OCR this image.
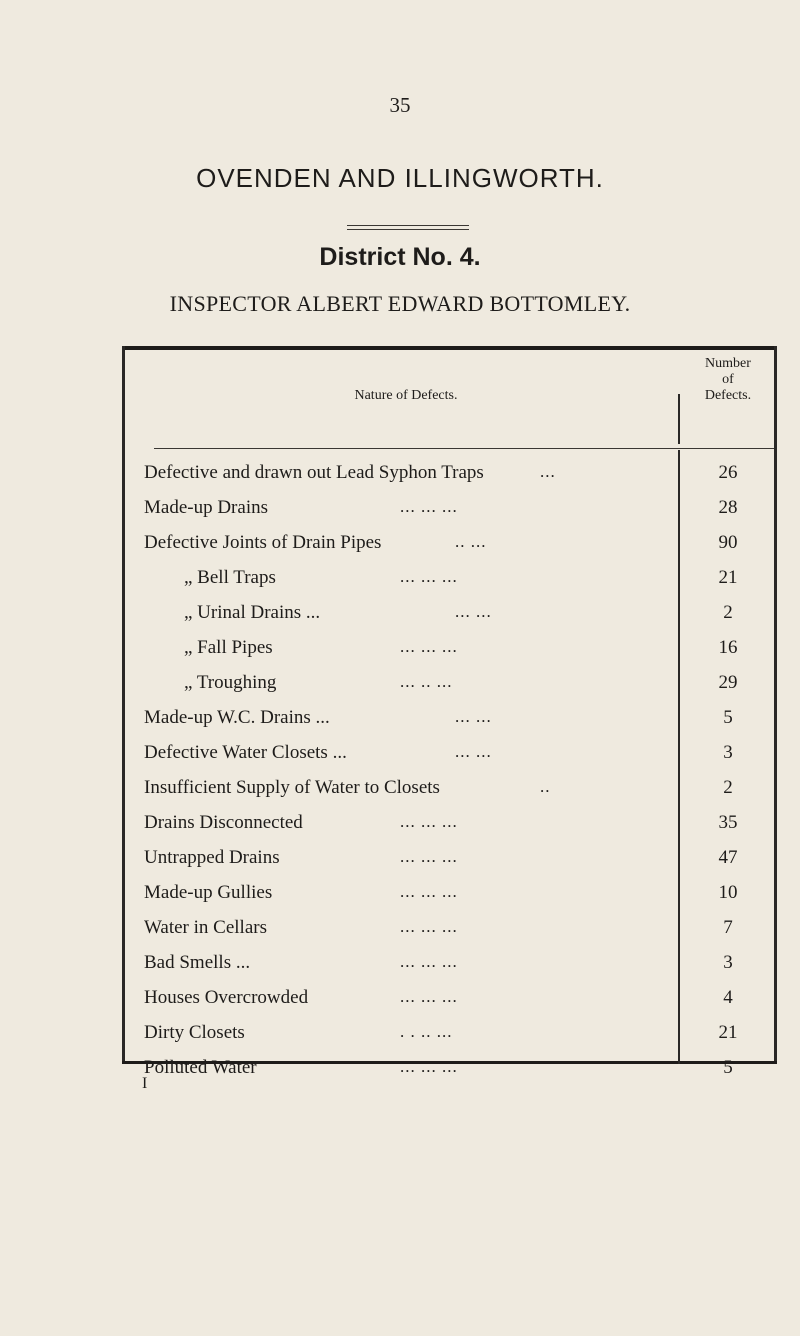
35
OVENDEN AND ILLINGWORTH.
District No. 4.
INSPECTOR ALBERT EDWARD BOTTOMLEY.
Nature of Defects.
Number
of
Defects.
Defective and drawn out Lead Syphon Traps	...	26
Made-up Drains	... ... ...	28
Defective Joints of Drain Pipes	.. ...	90
„ Bell Traps	... ... ...	21
„ Urinal Drains ...	... ...	2
„ Fall Pipes	... ... ...	16
„ Troughing	... .. ...	29
Made-up W.C. Drains ...	... ...	5
Defective Water Closets ...	... ...	3
Insufficient Supply of Water to Closets	..	2
Drains Disconnected	... ... ...	35
Untrapped Drains	... ... ...	47
Made-up Gullies	... ... ...	10
Water in Cellars	... ... ...	7
Bad Smells ...	... ... ...	3
Houses Overcrowded	... ... ...	4
Dirty Closets	. . .. ...	21
Polluted Water	... ... ...	5
I
